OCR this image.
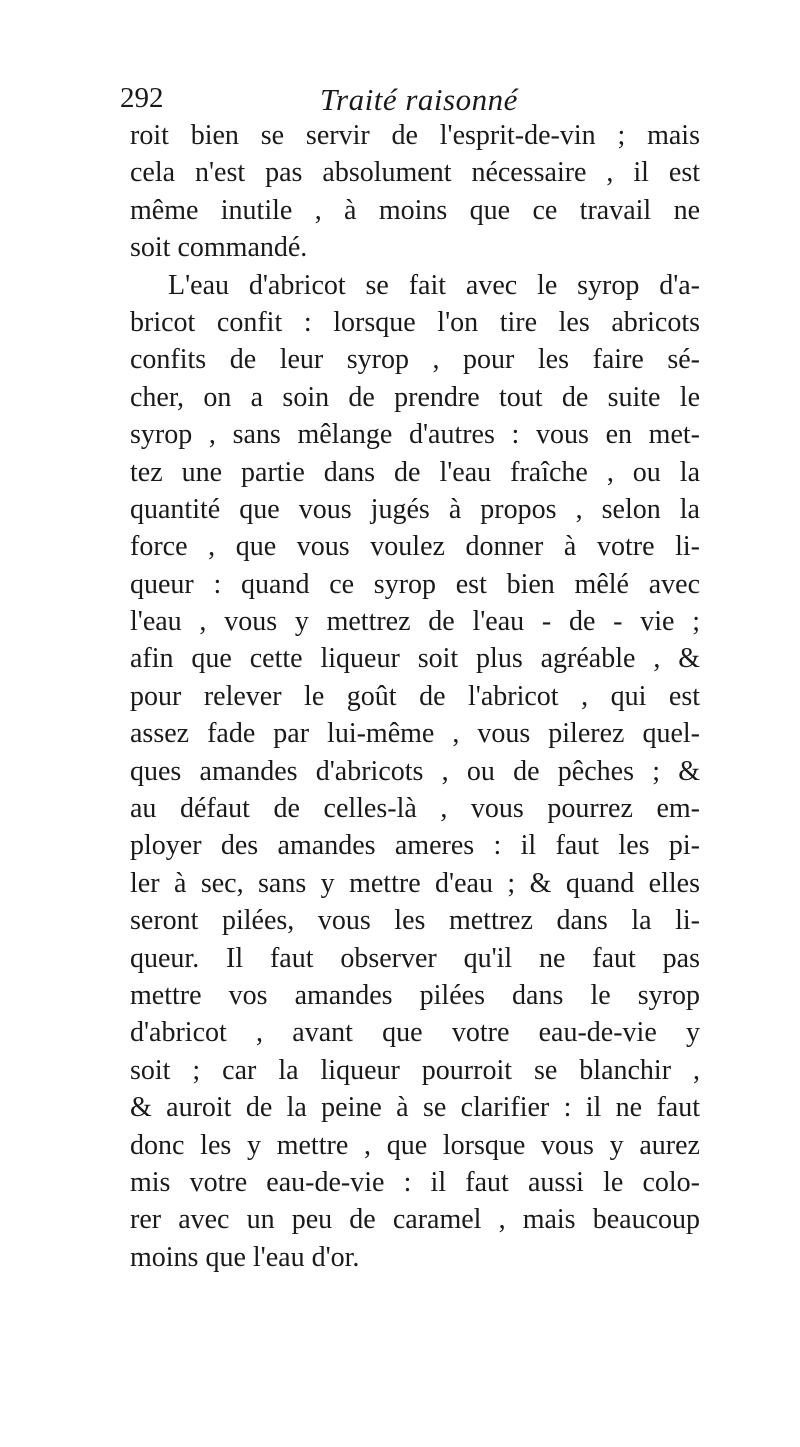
292	Traité raisonné
roit bien se servir de l'esprit-de-vin ; mais
cela n'est pas absolument nécessaire , il est
même inutile , à moins que ce travail ne
soit commandé.
L'eau d'abricot se fait avec le syrop d'a-
bricot confit : lorsque l'on tire les abricots
confits de leur syrop , pour les faire sé-
cher, on a soin de prendre tout de suite le
syrop , sans mêlange d'autres : vous en met-
tez une partie dans de l'eau fraîche , ou la
quantité que vous jugés à propos , selon la
force , que vous voulez donner à votre li-
queur : quand ce syrop est bien mêlé avec
l'eau , vous y mettrez de l'eau - de - vie ;
afin que cette liqueur soit plus agréable , &
pour relever le goût de l'abricot , qui est
assez fade par lui-même , vous pilerez quel-
ques amandes d'abricots , ou de pêches ; &
au défaut de celles-là , vous pourrez em-
ployer des amandes ameres : il faut les pi-
ler à sec, sans y mettre d'eau ; & quand elles
seront pilées, vous les mettrez dans la li-
queur. Il faut observer qu'il ne faut pas
mettre vos amandes pilées dans le syrop
d'abricot , avant que votre eau-de-vie y
soit ; car la liqueur pourroit se blanchir ,
& auroit de la peine à se clarifier : il ne faut
donc les y mettre , que lorsque vous y aurez
mis votre eau-de-vie : il faut aussi le colo-
rer avec un peu de caramel , mais beaucoup
moins que l'eau d'or.
